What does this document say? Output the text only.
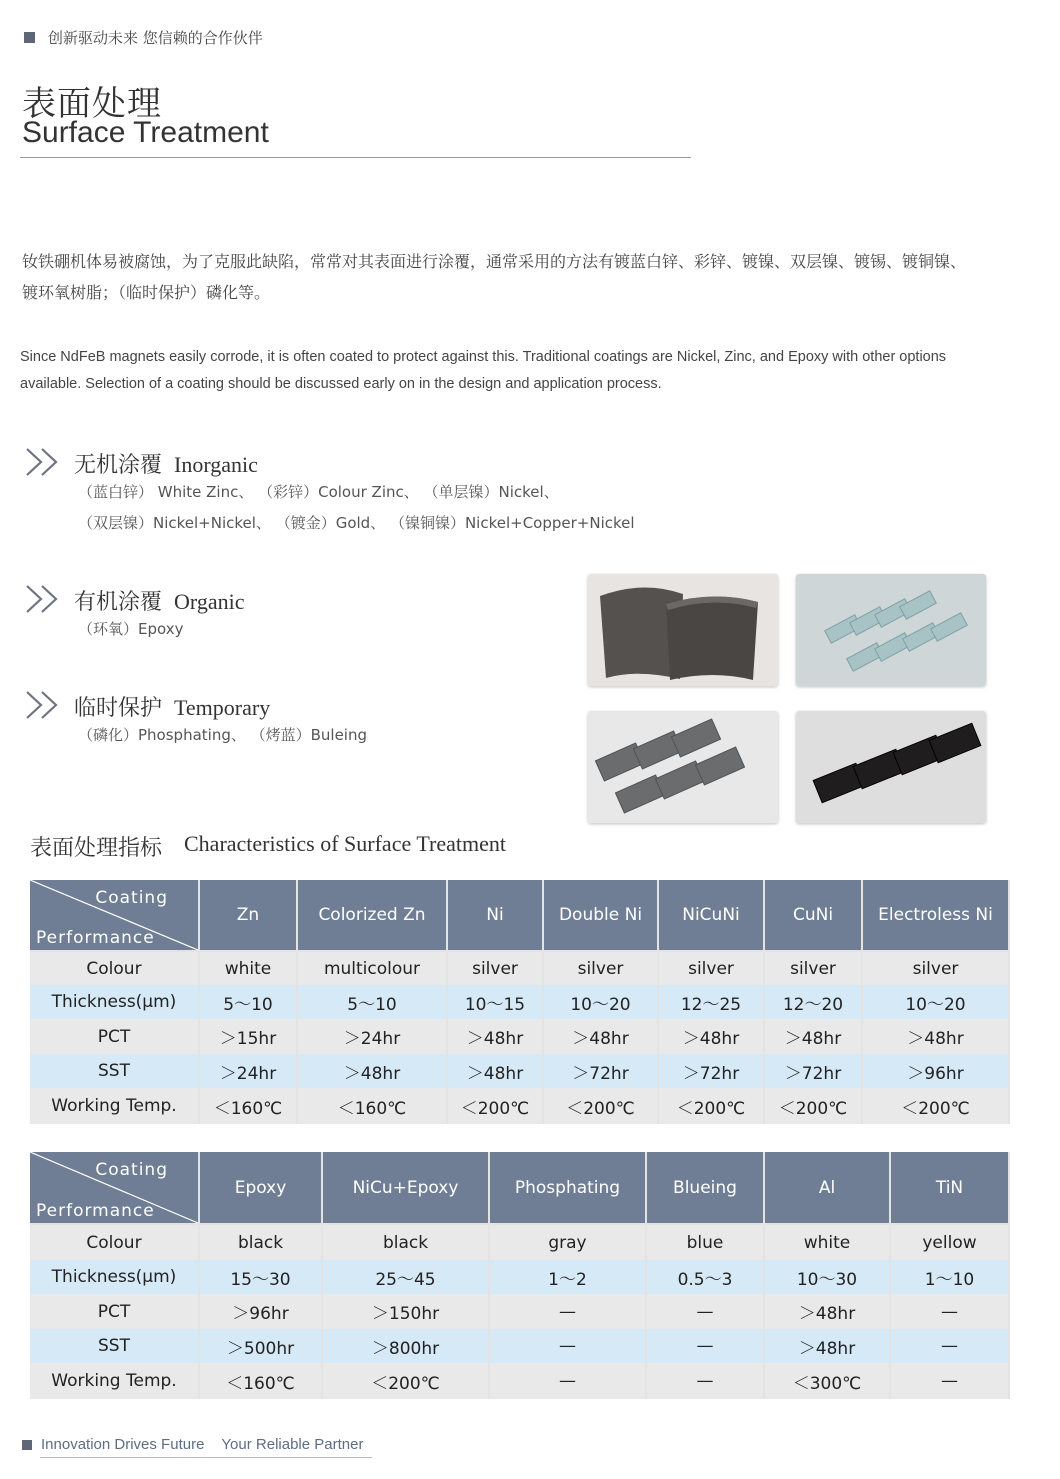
创新驱动未来 您信赖的合作伙伴
表面处理
Surface Treatment
钕铁硼机体易被腐蚀，为了克服此缺陷，常常对其表面进行涂覆，通常采用的方法有镀蓝白锌、彩锌、镀镍、双层镍、镀锡、镀铜镍、镀环氧树脂；（临时保护）磷化等。
Since NdFeB magnets easily corrode, it is often coated to protect against this. Traditional coatings are Nickel, Zinc, and Epoxy with other options available. Selection of a coating should be discussed early on in the design and application process.
无机涂覆 Inorganic
（蓝白锌） White Zinc、 （彩锌）Colour Zinc、 （单层镍）Nickel、
（双层镍）Nickel+Nickel、 （镀金）Gold、 （镍铜镍）Nickel+Copper+Nickel
有机涂覆 Organic
（环氧）Epoxy
临时保护 Temporary
（磷化）Phosphating、 （烤蓝）Buleing
表面处理指标 Characteristics of Surface Treatment
Coating
Performance	Zn	Colorized Zn	Ni	Double Ni	NiCuNi	CuNi	Electroless Ni
Colour	white	multicolour	silver	silver	silver	silver	silver
Thickness(μm)	5～10	5～10	10～15	10～20	12～25	12～20	10～20
PCT	＞15hr	＞24hr	＞48hr	＞48hr	＞48hr	＞48hr	＞48hr
SST	＞24hr	＞48hr	＞48hr	＞72hr	＞72hr	＞72hr	＞96hr
Working Temp.	＜160℃	＜160℃	＜200℃	＜200℃	＜200℃	＜200℃	＜200℃
Coating
Performance	Epoxy	NiCu+Epoxy	Phosphating	Blueing	Al	TiN
Colour	black	black	gray	blue	white	yellow
Thickness(μm)	15～30	25～45	1～2	0.5～3	10～30	1～10
PCT	＞96hr	＞150hr	—	—	＞48hr	—
SST	＞500hr	＞800hr	—	—	＞48hr	—
Working Temp.	＜160℃	＜200℃	—	—	＜300℃	—
Innovation Drives Future Your Reliable Partner
